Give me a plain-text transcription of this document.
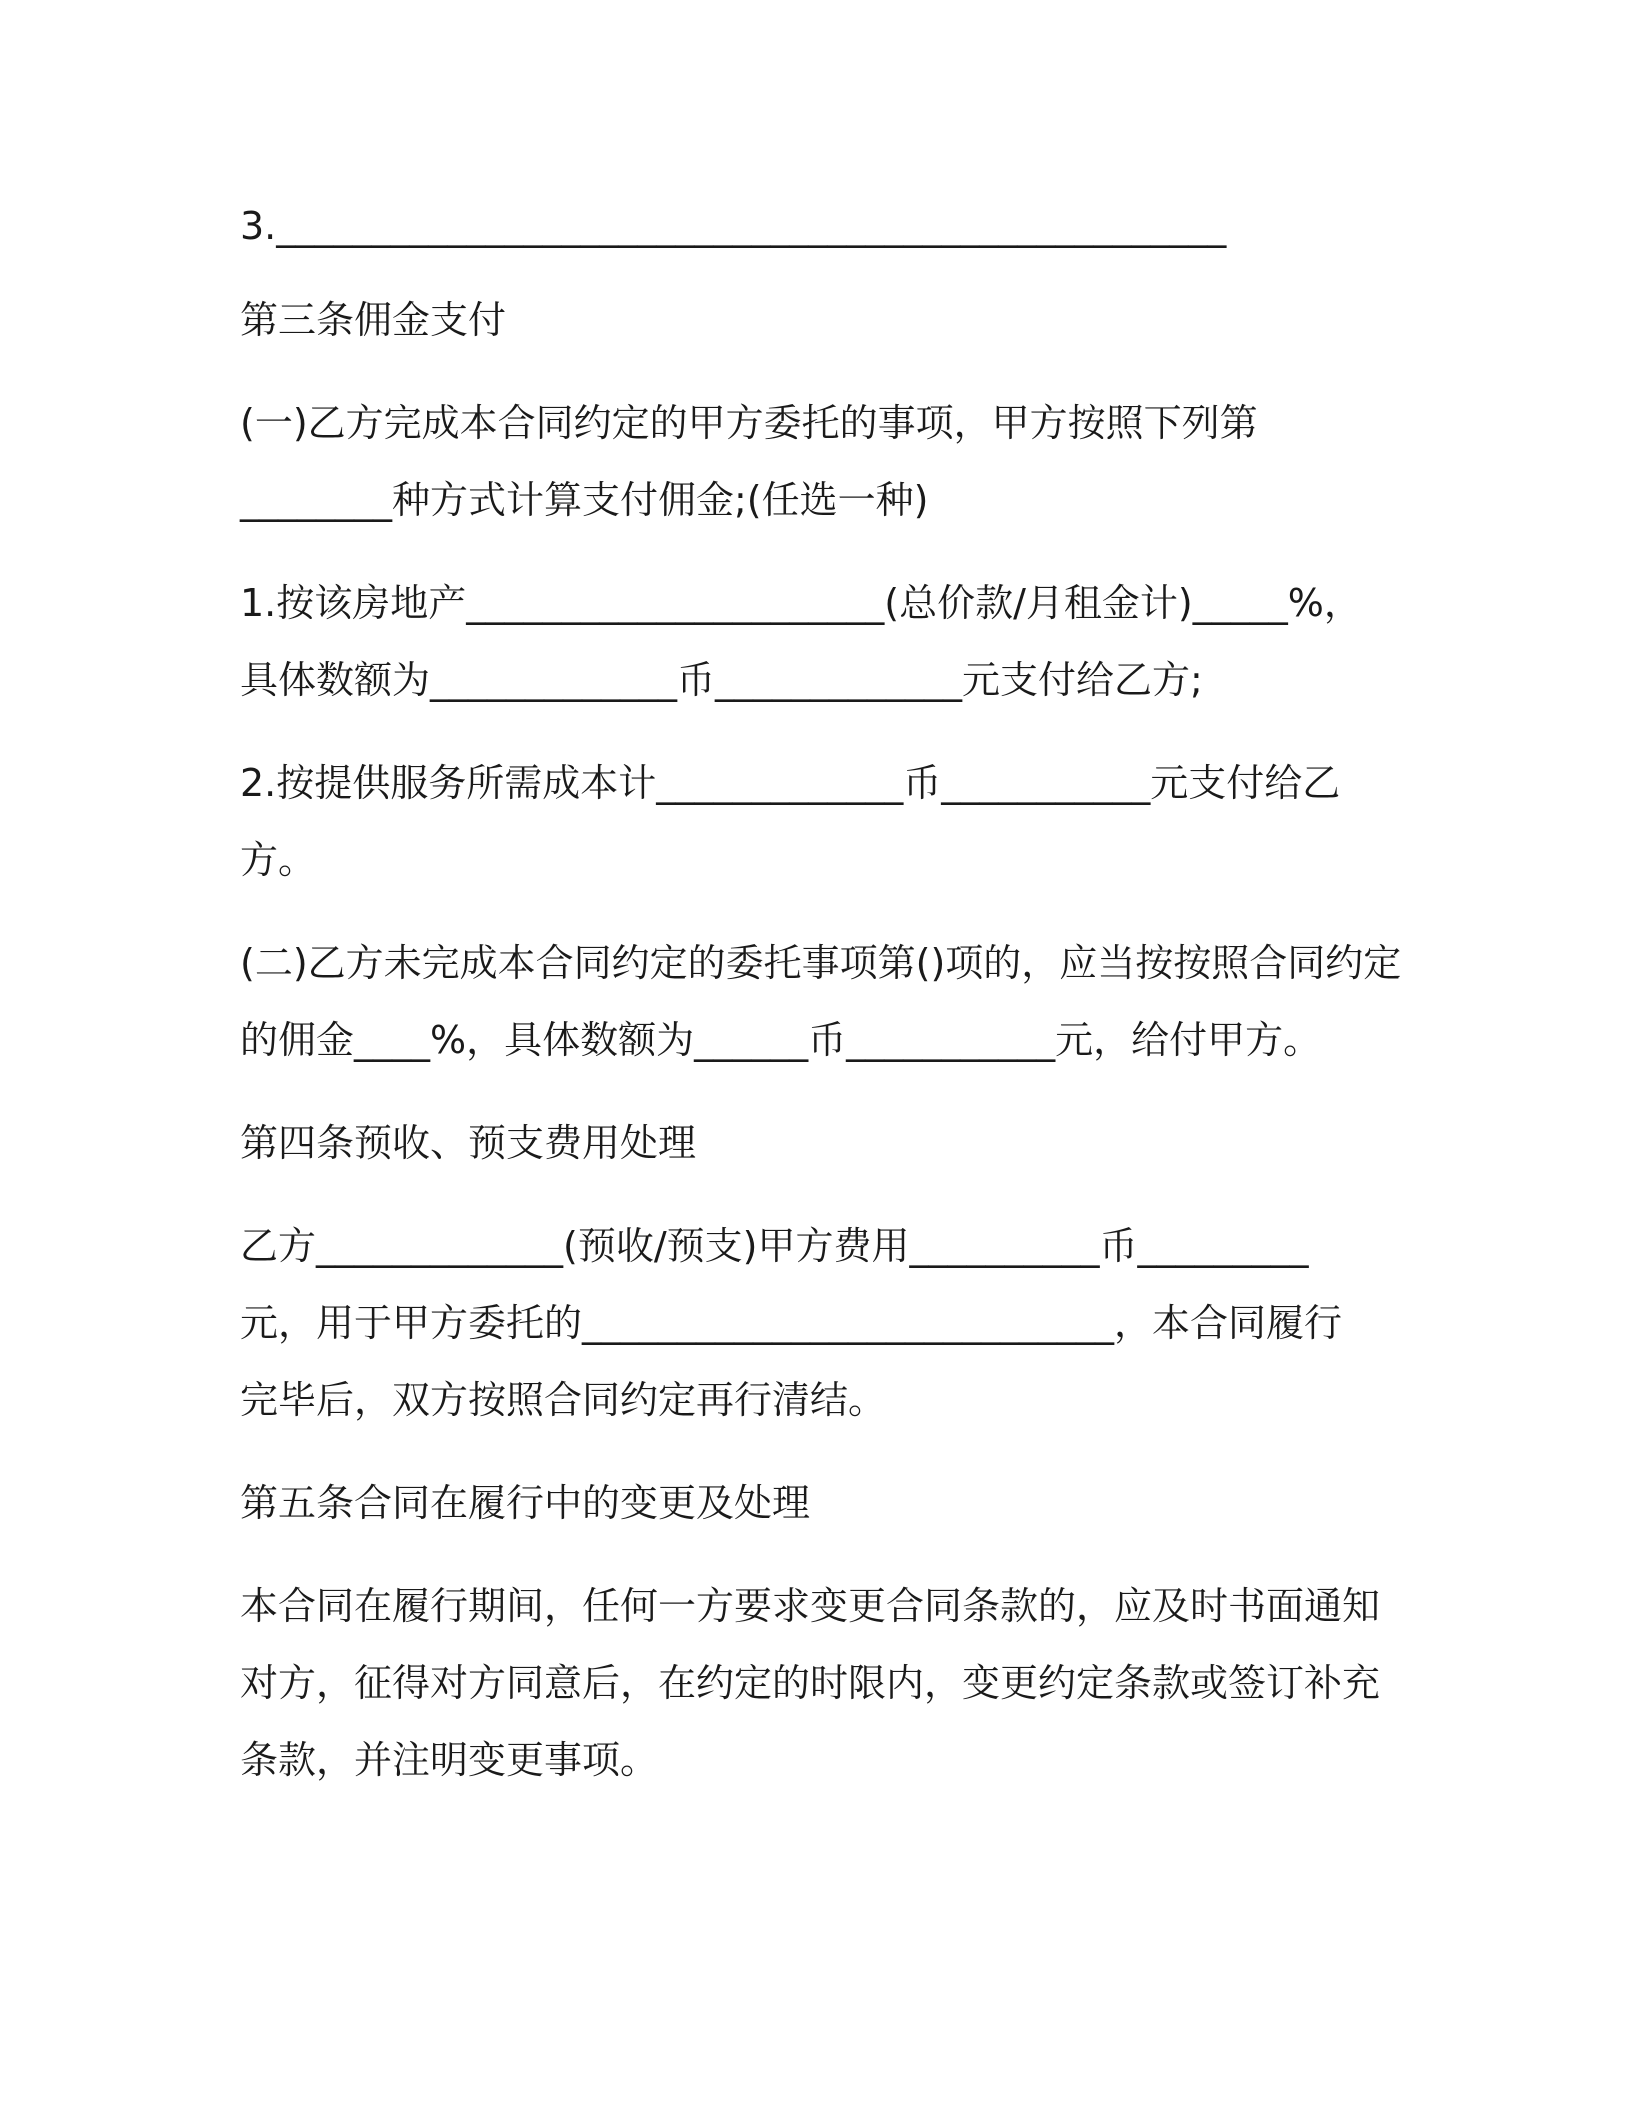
3.__________________________________________________
第三条佣金支付
(一)乙方完成本合同约定的甲方委托的事项，甲方按照下列第
________种方式计算支付佣金;(任选一种)
1.按该房地产______________________(总价款/月租金计)_____%，
具体数额为_____________币_____________元支付给乙方;
2.按提供服务所需成本计_____________币___________元支付给乙
方。
(二)乙方未完成本合同约定的委托事项第()项的，应当按按照合同约定
的佣金____%，具体数额为______币___________元，给付甲方。
第四条预收、预支费用处理
乙方_____________(预收/预支)甲方费用__________币_________
元，用于甲方委托的____________________________，本合同履行
完毕后，双方按照合同约定再行清结。
第五条合同在履行中的变更及处理
本合同在履行期间，任何一方要求变更合同条款的，应及时书面通知
对方，征得对方同意后，在约定的时限内，变更约定条款或签订补充
条款，并注明变更事项。
